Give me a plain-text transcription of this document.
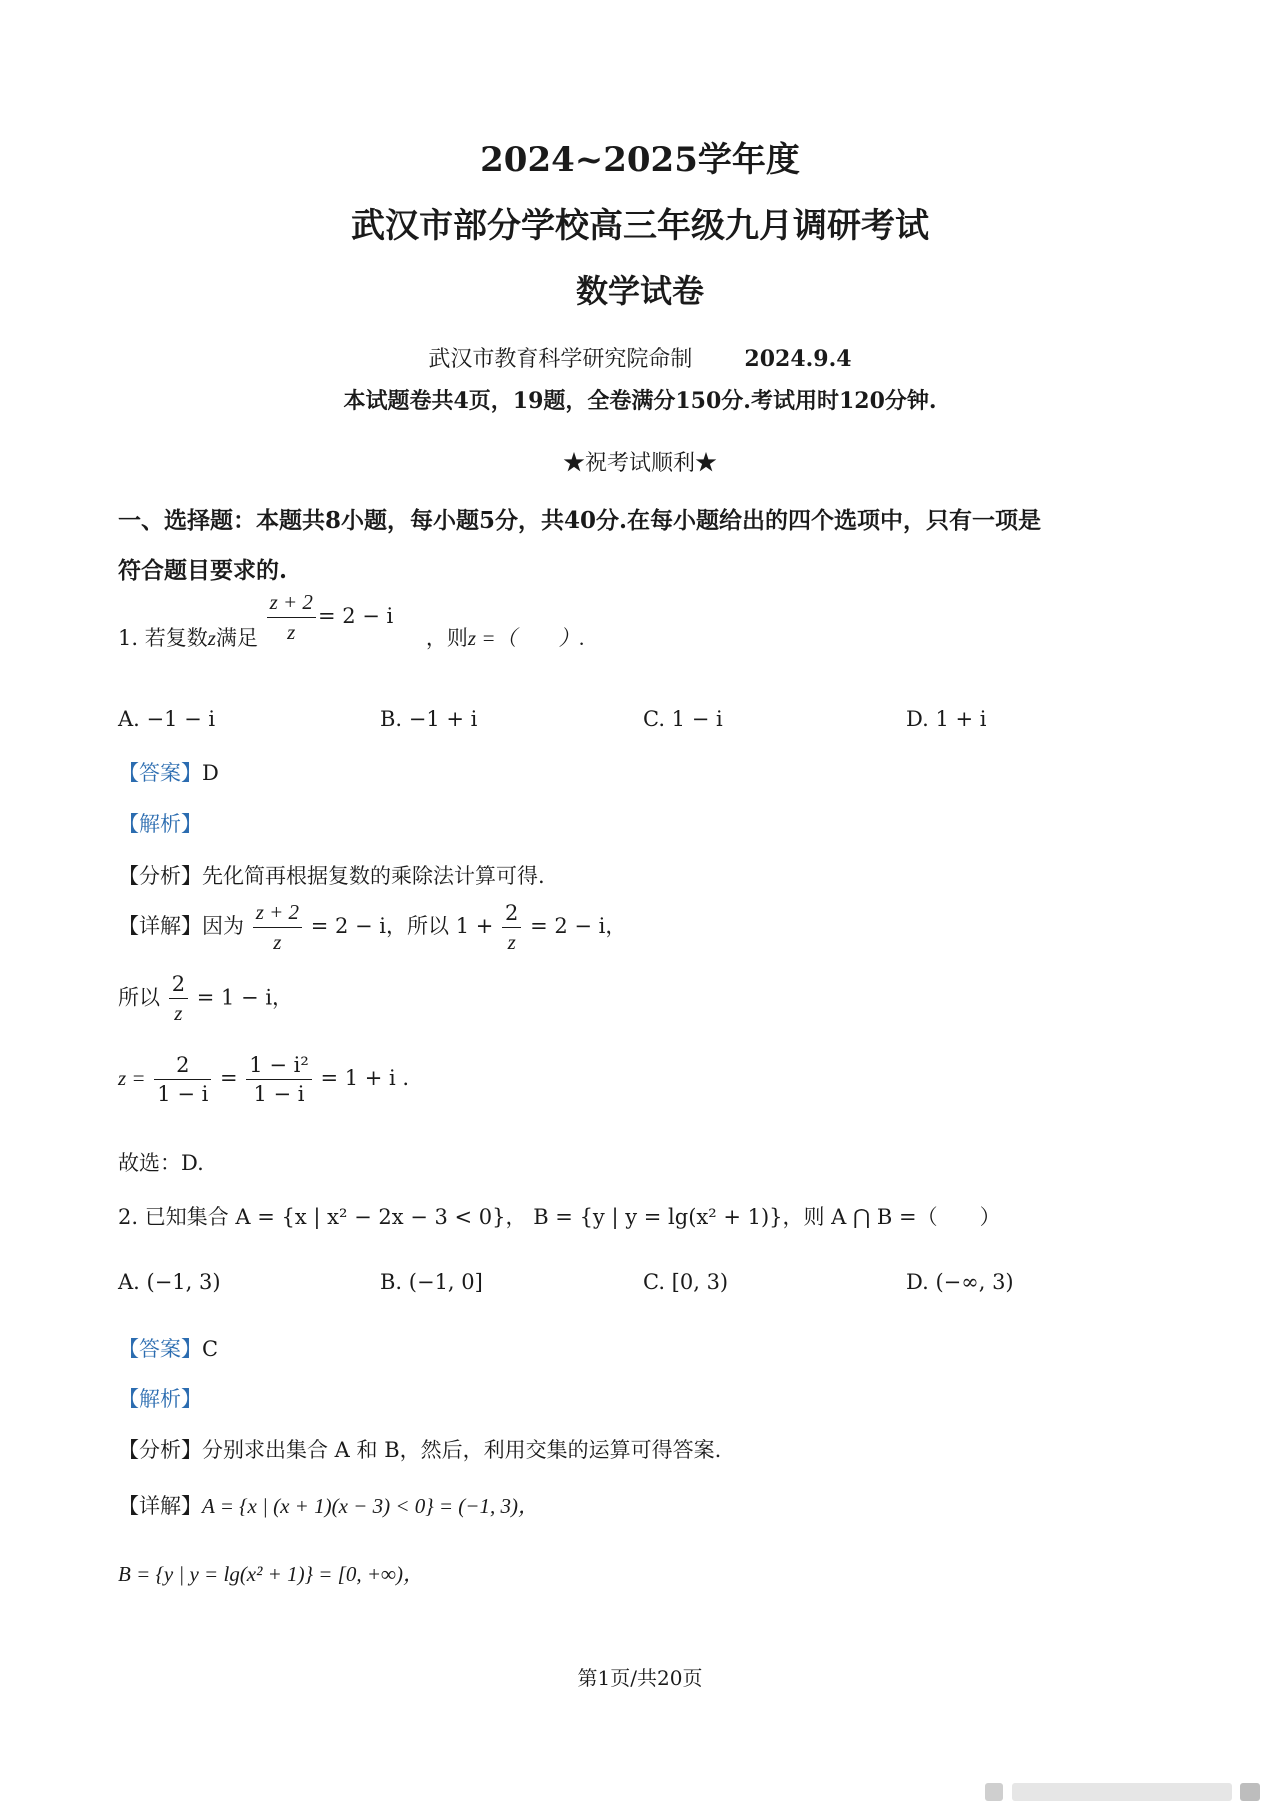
2024~2025学年度
武汉市部分学校高三年级九月调研考试
数学试卷
武汉市教育科学研究院命制 2024.9.4
本试题卷共4页，19题，全卷满分150分.考试用时120分钟.
★祝考试顺利★
一、选择题：本题共8小题，每小题5分，共40分.在每小题给出的四个选项中，只有一项是
符合题目要求的.
1. 若复数z满足 $\frac{z + 2}{z} = 2 - i$ ，则z =（　　）.
A. −1 − i	B. −1 + i	C. 1 − i	D. 1 + i
【答案】D
【解析】
【分析】先化简再根据复数的乘除法计算可得.
【详解】因为 $\frac{z + 2}{z} = 2 - i$，所以 $1 + \frac{2}{z} = 2 - i$，
所以 $\frac{2}{z} = 1 - i$，
$z = \frac{2}{1 - i} = \frac{\text{1 − i²}}{1 - i} = 1 + i$ .
故选：D.
2. 已知集合 A = {x | x² − 2x − 3 < 0}， B = {y | y = lg(x² + 1)}，则 A ⋂ B =（　　）
A. (−1, 3)	B. (−1, 0]	C. [0, 3)	D. (−∞, 3)
【答案】C
【解析】
【分析】分别求出集合 A 和 B，然后，利用交集的运算可得答案.
【详解】A = {x | (x + 1)(x − 3) < 0} = (−1, 3)，
B = {y | y = lg(x² + 1)} = [0, +∞)，
第1页/共20页
